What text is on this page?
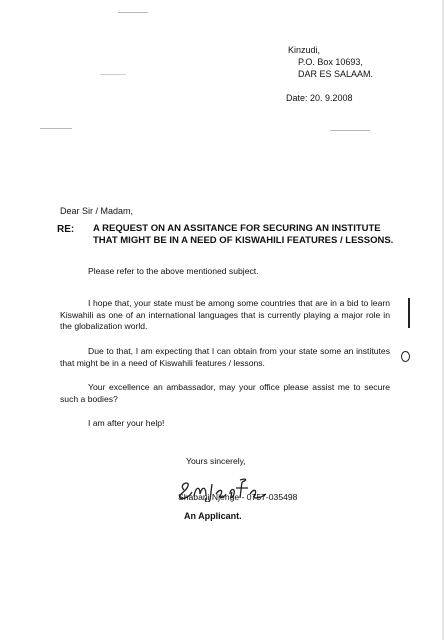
Kinzudi,
P.O. Box 10693,
DAR ES SALAAM.
Date: 20. 9.2008
Dear Sir / Madam,
RE: A REQUEST ON AN ASSITANCE FOR SECURING AN INSTITUTE
THAT MIGHT BE IN A NEED OF KISWAHILI FEATURES / LESSONS.
Please refer to the above mentioned subject.
I hope that, your state must be among some countries that are in a bid to learn Kiswahili as one of an international languages that is currently playing a major role in the globalization world.
Due to that, I am expecting that I can obtain from your state some an institutes that might be in a need of Kiswahili features / lessons.
Your excellence an ambassador, may your office please assist me to secure such a bodies?
I am after your help!
Yours sincerely,
Shabani Njenge - 0757-035498
An Applicant.
